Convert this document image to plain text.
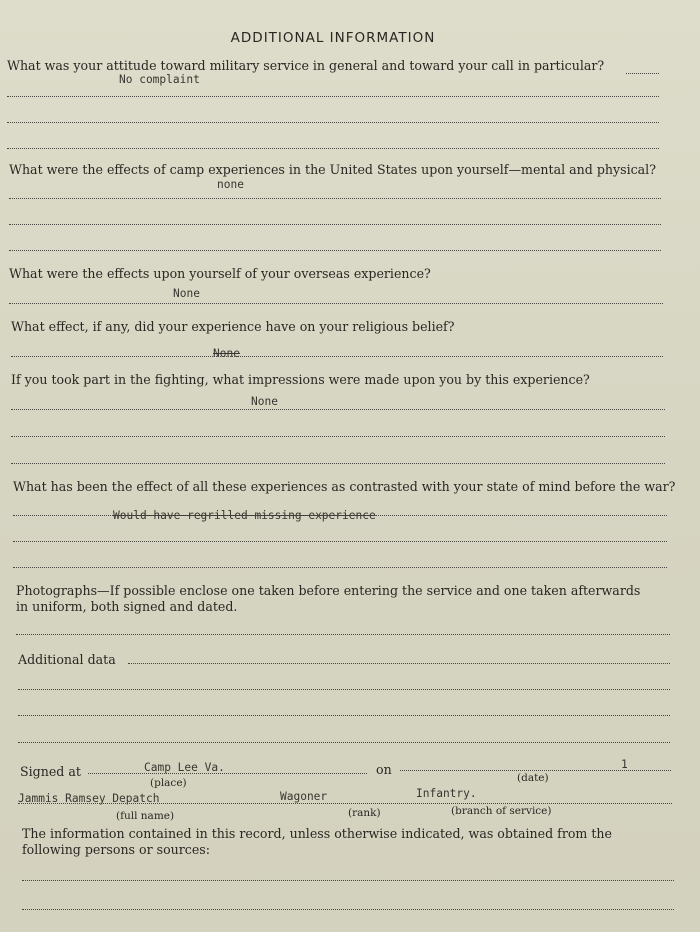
ADDITIONAL INFORMATION
What was your attitude toward military service in general and toward your call in particular?
No complaint
What were the effects of camp experiences in the United States upon yourself—mental and physical?
none
What were the effects upon yourself of your overseas experience?
None
What effect, if any, did your experience have on your religious belief?
None
If you took part in the fighting, what impressions were made upon you by this experience?
None
What has been the effect of all these experiences as contrasted with your state of mind before the war?
Would have regrilled missing experience
Photographs—If possible enclose one taken before entering the service and one taken afterwards in uniform, both signed and dated.
Additional data
Signed at	Camp Lee Va.
(place)
on	1
(date)
Jammis Ramsey Depatch	Wagoner	Infantry.
(full name)	(rank)	(branch of service)
The information contained in this record, unless otherwise indicated, was obtained from the following persons or sources:
